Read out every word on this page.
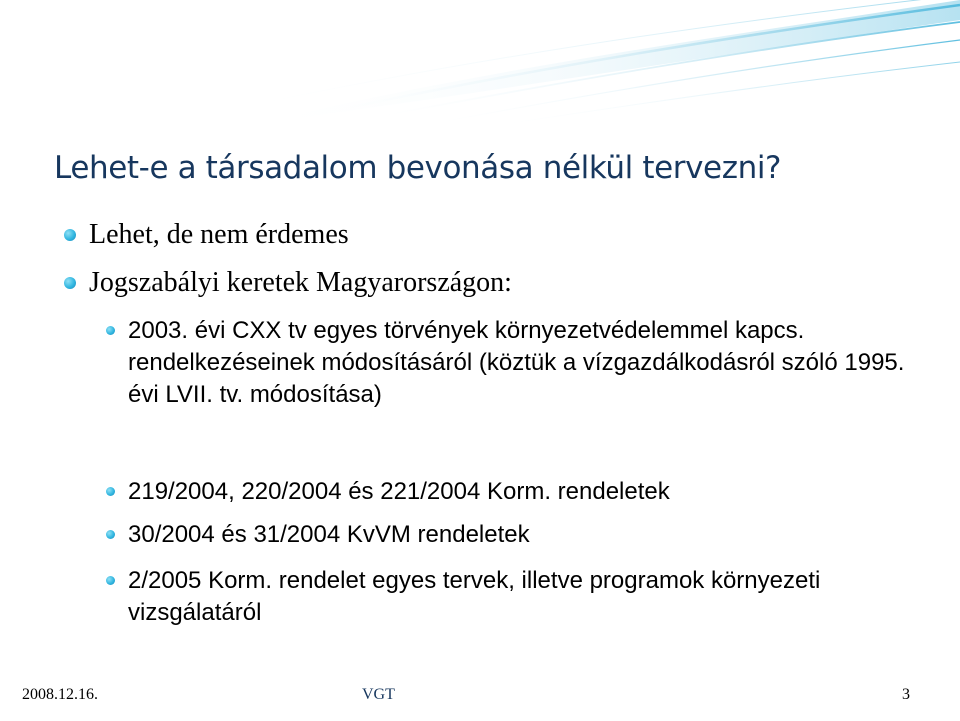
Lehet-e a társadalom bevonása nélkül tervezni?
Lehet, de nem érdemes
Jogszabályi keretek Magyarországon:
2003. évi CXX tv egyes törvények környezetvédelemmel kapcs. rendelkezéseinek módosításáról (köztük a vízgazdálkodásról szóló 1995. évi LVII. tv. módosítása)
219/2004, 220/2004 és 221/2004 Korm. rendeletek
30/2004 és 31/2004 KvVM rendeletek
2/2005 Korm. rendelet egyes tervek, illetve programok környezeti vizsgálatáról
2008.12.16.	VGT	3
